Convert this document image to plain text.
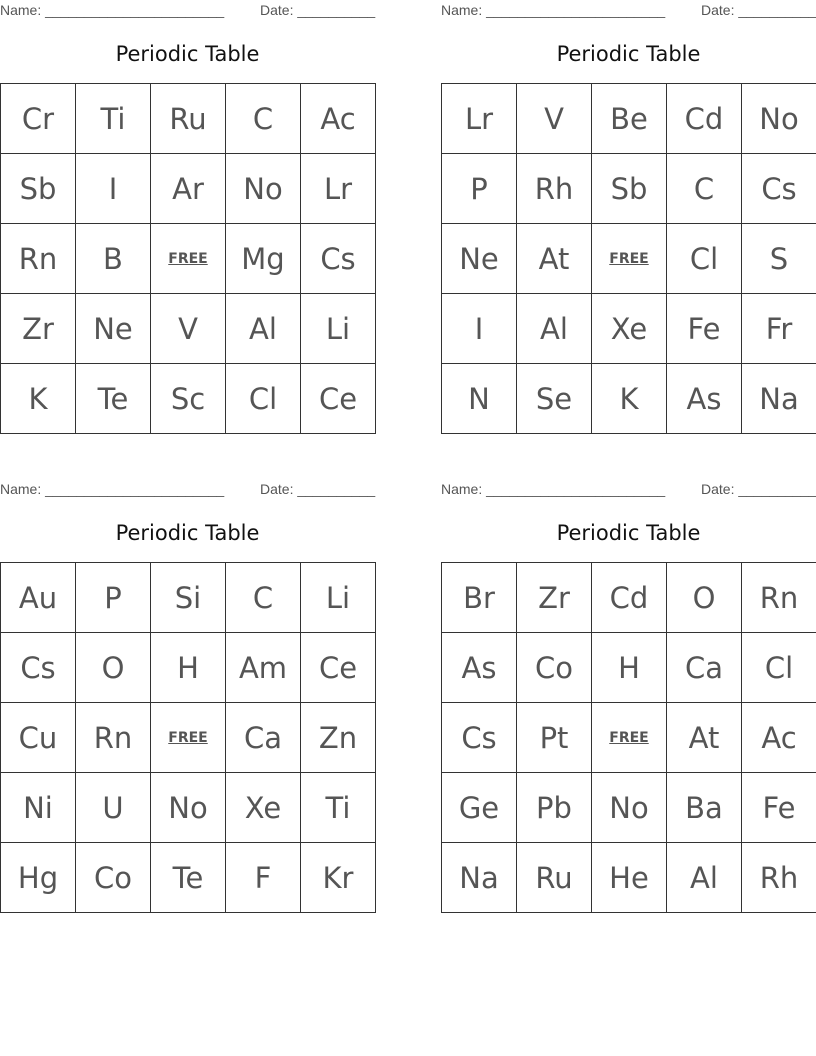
Name: _______________________	Date: __________
Periodic Table
Cr	Ti	Ru	C	Ac
Sb	I	Ar	No	Lr
Rn	B	FREE	Mg	Cs
Zr	Ne	V	Al	Li
K	Te	Sc	Cl	Ce
Name: _______________________	Date: __________
Periodic Table
Lr	V	Be	Cd	No
P	Rh	Sb	C	Cs
Ne	At	FREE	Cl	S
I	Al	Xe	Fe	Fr
N	Se	K	As	Na
Name: _______________________	Date: __________
Periodic Table
Au	P	Si	C	Li
Cs	O	H	Am	Ce
Cu	Rn	FREE	Ca	Zn
Ni	U	No	Xe	Ti
Hg	Co	Te	F	Kr
Name: _______________________	Date: __________
Periodic Table
Br	Zr	Cd	O	Rn
As	Co	H	Ca	Cl
Cs	Pt	FREE	At	Ac
Ge	Pb	No	Ba	Fe
Na	Ru	He	Al	Rh
